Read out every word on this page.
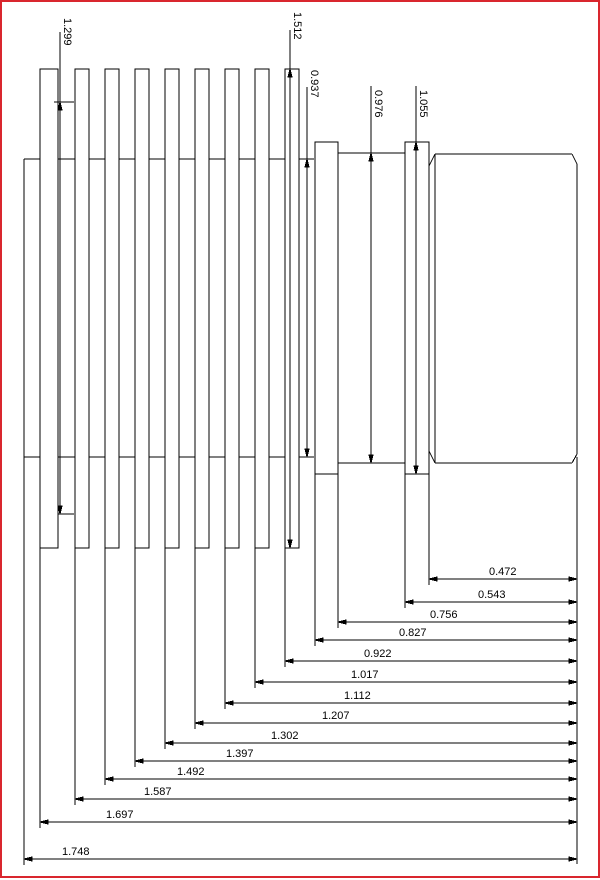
1.299	1.512
0.937
0.976	1.055
0.472
0.543
0.756
0.827
0.922
1.017
1.112
1.207
1.302
1.397
1.492
1.587
1.697
1.748
